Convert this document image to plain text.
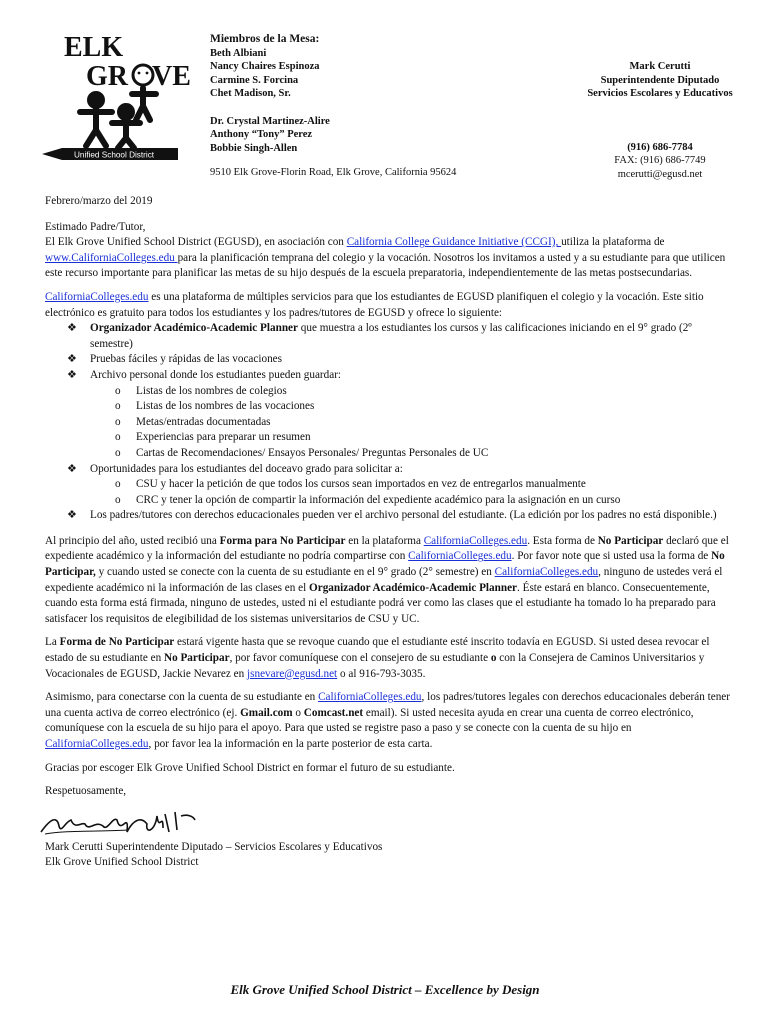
ELK
GR VE
Unified School District
Miembros de la Mesa:
Beth Albiani
Nancy Chaires Espinoza
Carmine S. Forcina
Chet Madison, Sr.
Dr. Crystal Martinez-Alire
Anthony “Tony” Perez
Bobbie Singh-Allen
9510 Elk Grove-Florin Road, Elk Grove, California 95624
Mark Cerutti
Superintendente Diputado
Servicios Escolares y Educativos
(916) 686-7784
FAX: (916) 686-7749
mcerutti@egusd.net

Febrero/marzo del 2019

Estimado Padre/Tutor,

El Elk Grove Unified School District (EGUSD), en asociación con California College Guidance Initiative (CCGI), utiliza la plataforma de www.CaliforniaColleges.edu para la planificación temprana del colegio y la vocación. Nosotros los invitamos a usted y a su estudiante para que utilicen este recurso importante para planificar las metas de su hijo después de la escuela preparatoria, independientemente de las metas postsecundarias.

CaliforniaColleges.edu es una plataforma de múltiples servicios para que los estudiantes de EGUSD planifiquen el colegio y la vocación. Este sitio electrónico es gratuito para todos los estudiantes y los padres/tutores de EGUSD y ofrece lo siguiente:

❖ Organizador Académico-Academic Planner que muestra a los estudiantes los cursos y las calificaciones iniciando en el 9° grado (2º semestre)
❖ Pruebas fáciles y rápidas de las vocaciones
❖ Archivo personal donde los estudiantes pueden guardar:
o Listas de los nombres de colegios
o Listas de los nombres de las vocaciones
o Metas/entradas documentadas
o Experiencias para preparar un resumen
o Cartas de Recomendaciones/ Ensayos Personales/ Preguntas Personales de UC
❖ Oportunidades para los estudiantes del doceavo grado para solicitar a:
o CSU y hacer la petición de que todos los cursos sean importados en vez de entregarlos manualmente
o CRC y tener la opción de compartir la información del expediente académico para la asignación en un curso
❖ Los padres/tutores con derechos educacionales pueden ver el archivo personal del estudiante. (La edición por los padres no está disponible.)

Al principio del año, usted recibió una Forma para No Participar en la plataforma CaliforniaColleges.edu. Esta forma de No Participar declaró que el expediente académico y la información del estudiante no podría compartirse con CaliforniaColleges.edu. Por favor note que si usted usa la forma de No Participar, y cuando usted se conecte con la cuenta de su estudiante en el 9° grado (2° semestre) en CaliforniaColleges.edu, ninguno de ustedes verá el expediente académico ni la información de las clases en el Organizador Académico-Academic Planner. Éste estará en blanco. Consecuentemente, cuando esta forma está firmada, ninguno de ustedes, usted ni el estudiante podrá ver como las clases que el estudiante ha tomado lo ha preparado para satisfacer los requisitos de elegibilidad de los sistemas universitarios de CSU y UC.

La Forma de No Participar estará vigente hasta que se revoque cuando que el estudiante esté inscrito todavía en EGUSD. Si usted desea revocar el estado de su estudiante en No Participar, por favor comuníquese con el consejero de su estudiante o con la Consejera de Caminos Universitarios y Vocacionales de EGUSD, Jackie Nevarez en jsnevare@egusd.net o al 916-793-3035.

Asimismo, para conectarse con la cuenta de su estudiante en CaliforniaColleges.edu, los padres/tutores legales con derechos educacionales deberán tener una cuenta activa de correo electrónico (ej. Gmail.com o Comcast.net email). Si usted necesita ayuda en crear una cuenta de correo electrónico, comuníquese con la escuela de su hijo para el apoyo. Para que usted se registre paso a paso y se conecte con la cuenta de su hijo en CaliforniaColleges.edu, por favor lea la información en la parte posterior de esta carta.

Gracias por escoger Elk Grove Unified School District en formar el futuro de su estudiante.

Respetuosamente,

Mark Cerutti Superintendente Diputado – Servicios Escolares y Educativos

Elk Grove Unified School District

Elk Grove Unified School District – Excellence by Design
